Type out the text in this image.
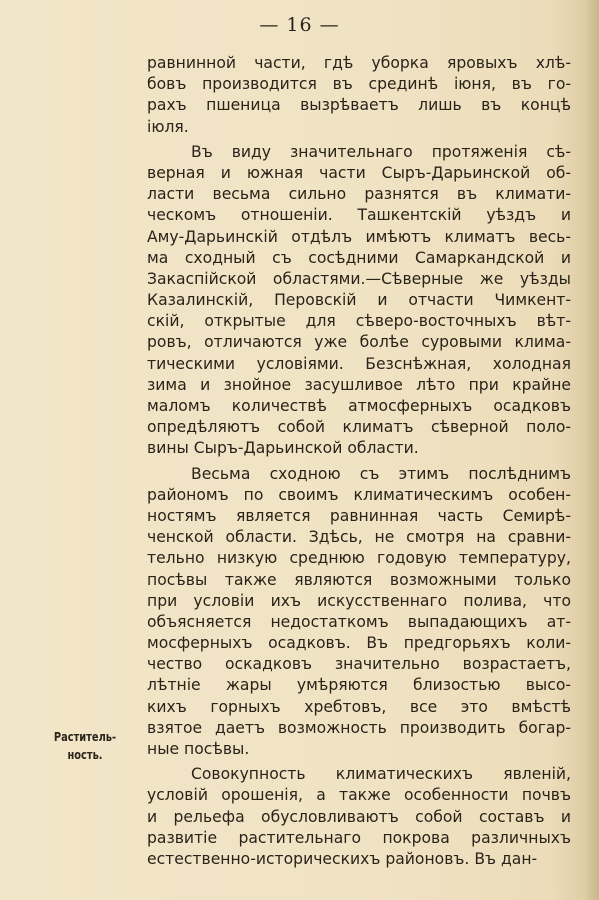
— 16 —
равнинной части, гдѣ уборка яровыхъ хлѣ-
бовъ производится въ срединѣ іюня, въ го-
рахъ пшеница вызрѣваетъ лишь въ концѣ
іюля.
Въ виду значительнаго протяженія сѣ-
верная и южная части Сыръ-Дарьинской об-
ласти весьма сильно разнятся въ климати-
ческомъ отношеніи. Ташкентскій уѣздъ и
Аму-Дарьинскій отдѣлъ имѣютъ климатъ весь-
ма сходный съ сосѣдними Самаркандской и
Закаспійской областями.—Сѣверные же уѣзды
Казалинскій, Перовскій и отчасти Чимкент-
скій, открытые для сѣверо-восточныхъ вѣт-
ровъ, отличаются уже болѣе суровыми клима-
тическими условіями. Безснѣжная, холодная
зима и знойное засушливое лѣто при крайне
маломъ количествѣ атмосферныхъ осадковъ
опредѣляютъ собой климатъ сѣверной поло-
вины Сыръ-Дарьинской области.
Весьма сходною съ этимъ послѣднимъ
райономъ по своимъ климатическимъ особен-
ностямъ является равнинная часть Семирѣ-
ченской области. Здѣсь, не смотря на сравни-
тельно низкую среднюю годовую температуру,
посѣвы также являются возможными только
при условіи ихъ искусственнаго полива, что
объясняется недостаткомъ выпадающихъ ат-
мосферныхъ осадковъ. Въ предгорьяхъ коли-
чество оскадковъ значительно возрастаетъ,
лѣтніе жары умѣряются близостью высо-
кихъ горныхъ хребтовъ, все это вмѣстѣ
взятое даетъ возможность производить богар-
ные посѣвы.
Совокупность климатическихъ явленій,
условій орошенія, а также особенности почвъ
и рельефа обусловливаютъ собой составъ и
развитіе растительнаго покрова различныхъ
естественно-историческихъ районовъ. Въ дан-
Раститель-
ность.
